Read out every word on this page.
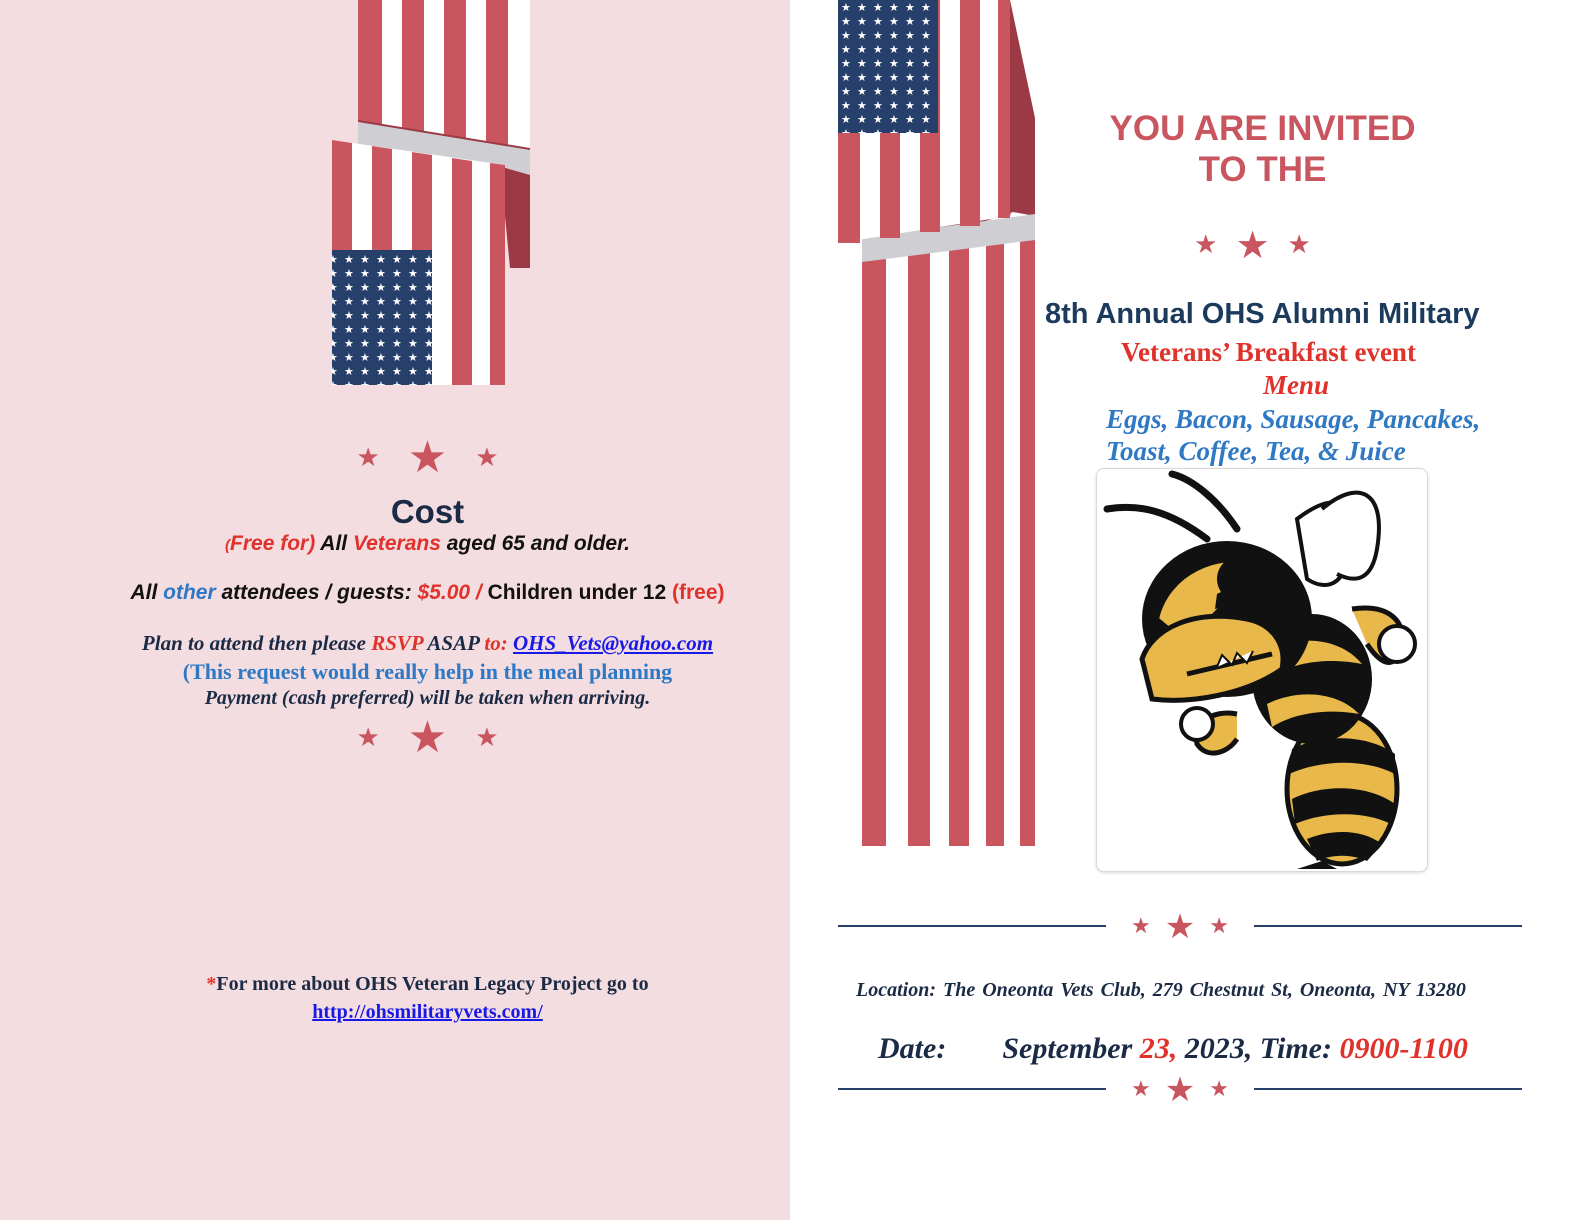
★ ★ ★
Cost
(Free for) All Veterans aged 65 and older.
All other attendees / guests: $5.00 / Children under 12 (free)
Plan to attend then please RSVP ASAP to: OHS_Vets@yahoo.com
(This request would really help in the meal planning
Payment (cash preferred) will be taken when arriving.
★ ★ ★
*For more about OHS Veteran Legacy Project go to
http://ohsmilitaryvets.com/
YOU ARE INVITED
TO THE
★ ★ ★
8th Annual OHS Alumni Military
Veterans’ Breakfast event
Menu
Eggs, Bacon, Sausage, Pancakes,
Toast, Coffee, Tea, & Juice
★ ★ ★
Location: The Oneonta Vets Club, 279 Chestnut St, Oneonta, NY 13280
Date: September 23, 2023, Time: 0900-1100
★ ★ ★
